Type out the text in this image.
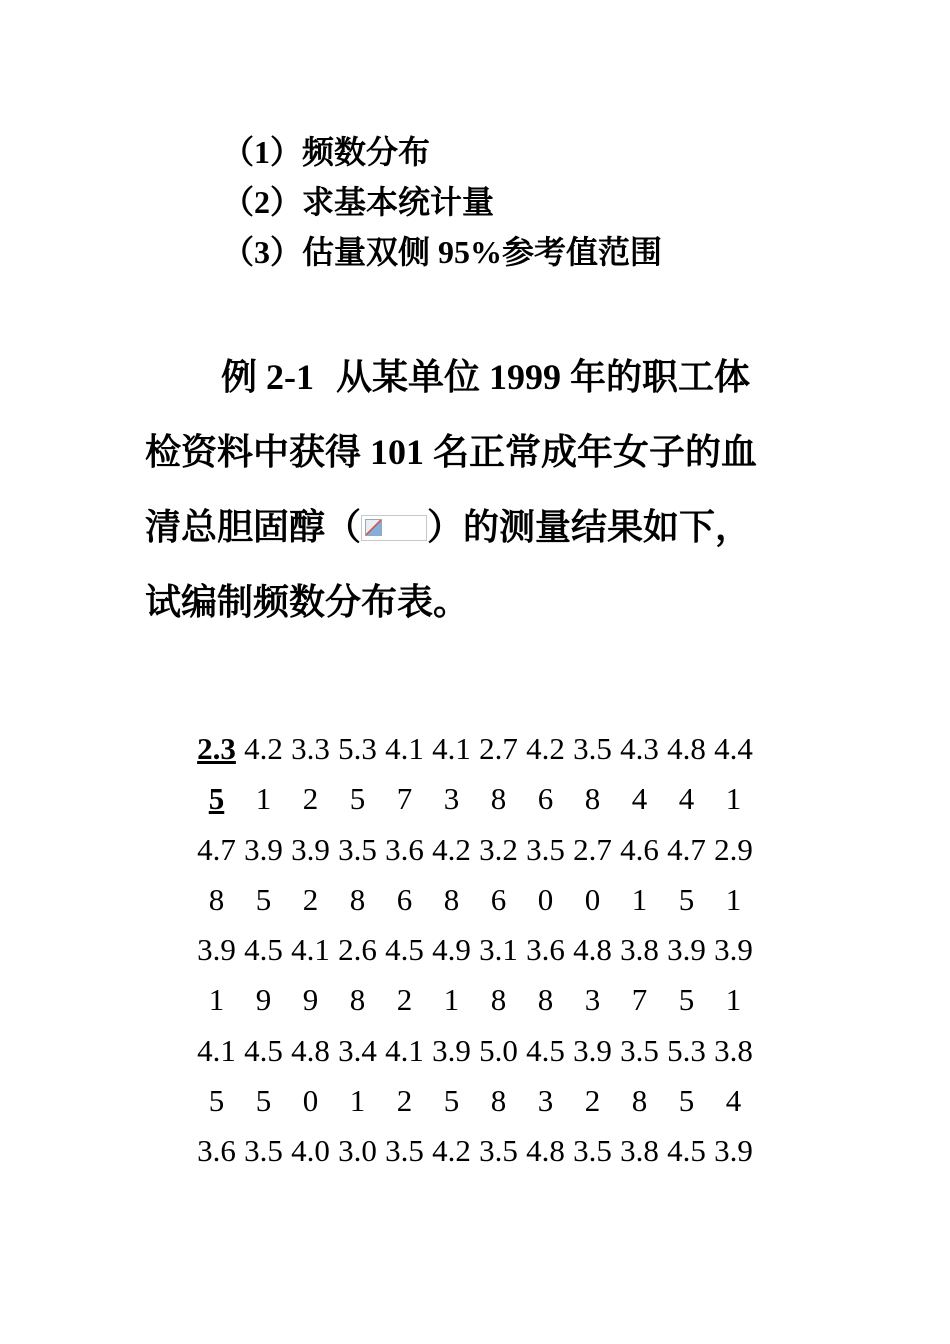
（1）频数分布
（2）求基本统计量
（3）估量双侧 95%参考值范围
例 2-1 从某单位 1999 年的职工体
检资料中获得 101 名正常成年女子的血
清总胆固醇（ ）的测量结果如下，
试编制频数分布表。
2.3 4.2 3.3 5.3 4.1 4.1 2.7 4.2 3.5 4.3 4.8 4.4
5 1 2 5 7 3 8 6 8 4 4 1
4.7 3.9 3.9 3.5 3.6 4.2 3.2 3.5 2.7 4.6 4.7 2.9
8 5 2 8 6 8 6 0 0 1 5 1
3.9 4.5 4.1 2.6 4.5 4.9 3.1 3.6 4.8 3.8 3.9 3.9
1 9 9 8 2 1 8 8 3 7 5 1
4.1 4.5 4.8 3.4 4.1 3.9 5.0 4.5 3.9 3.5 5.3 3.8
5 5 0 1 2 5 8 3 2 8 5 4
3.6 3.5 4.0 3.0 3.5 4.2 3.5 4.8 3.5 3.8 4.5 3.9
